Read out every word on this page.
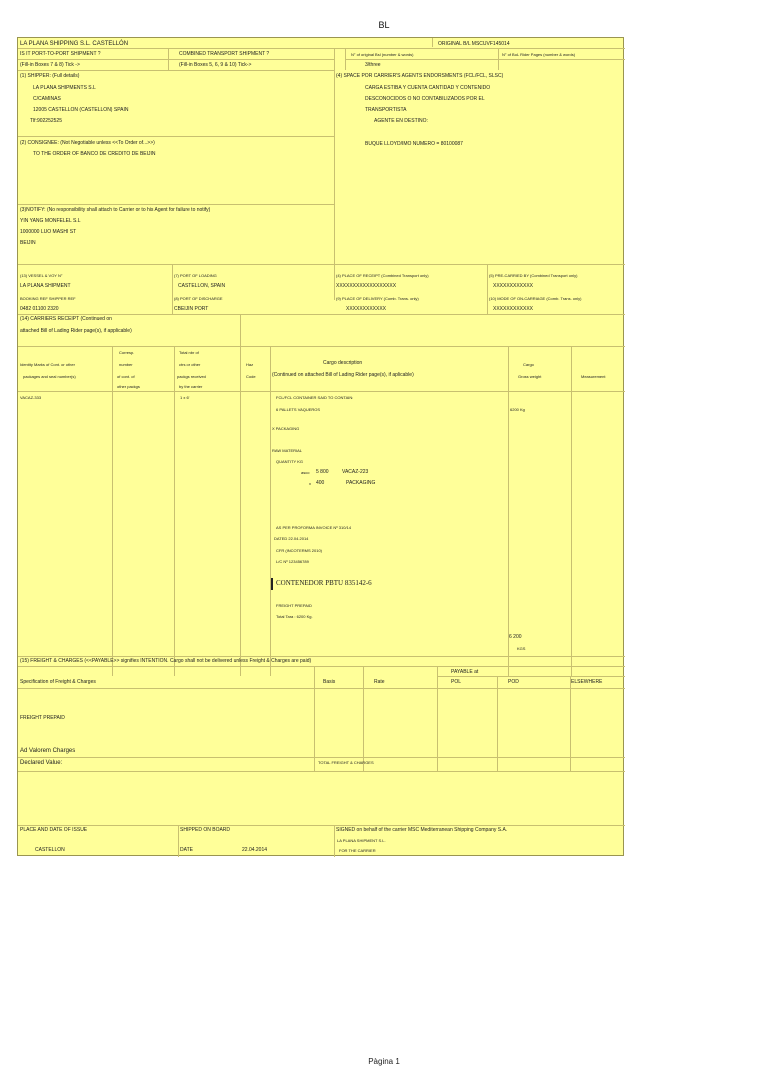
BL
LA PLANA SHIPPING S.L. CASTELLÓN	ORIGINAL B/L MSCUVF145014
IS IT PORT-TO-PORT SHIPMENT ?
(Fill-in Boxes 7 & 8) Tick ->
COMBINED TRANSPORT SHIPMENT ?
(Fill-in Boxes 5, 6, 9 & 10) Tick->
N° of original Bsl (number & words)
3/three
N° of BoL Rider Pages (number & words)
(1) SHIPPER: (Full details)
LA PLANA SHIPMENTS S.L
C/CAMINAS
12005 CASTELLON (CASTELLON) SPAIN
Tlf:902252525
(4) SPACE POR CARRIER'S AGENTS ENDORSMENTS (FCL/FCL, SLSC)
CARGA ESTIBA Y CUENTA CANTIDAD Y CONTENIDO
DESCONOCIDOS O NO CONTABILIZADOS POR EL
TRANSPORTISTA
AGENTE EN DESTINO:
BUQUE LLOYD/IMO NUMERO = 80100087
(2) CONSIGNEE: (Not Negotiable unless <<To Order of...>>)
TO THE ORDER OF BANCO DE CREDITO DE BEIJIN
(3)NOTIFY: (No responsibility shall attach to Carrier or to his Agent for failure to notify)
YIN YANG MONFELEL S.L
1000000 LUO MASHI ST
BEIJIN
(13) VESSEL & VOY N°
LA PLANA SHIPMENT
BOOKING REF SHIPPER REF
0482 01100 2320
(7) PORT OF LOADING
CASTELLON, SPAIN
(8) PORT OF DISCHARGE
CBEIJIN PORT
(4) PLACE OF RECEIPT (Combined Transport only)
XXXXXXXXXXXXXXXXXX
(9) PLACE OF DELIVERY (Comb. Trans. only)
XXXXXXXXXXXX
(5) PRE-CARRIED BY (Combined Transport only)
XXXXXXXXXXXX
(10) MODE OF ON-CARRIAGE (Comb. Trans. only)
XXXXXXXXXXXX
(14) CARRIERS RECEIPT (Continued on
attached Bill of Lading Rider page(s), if applicable)
Identity Marks of Cont. or other
packages and seal number(s)
Corresp.
number
of cont. of
other packgs
Total nbr of
ctrs or other
packgs received
by the carrier
Haz
Code
Cargo description
(Continued on attached Bill of Lading Rider page(s), if aplicable)
Cargo
Gross weight	Measurement
VACAZ-333	1 x 6'	FCL/FCL CONTAINER SAID TO CONTAIN:
6 PALLETS VAQUEROS	6200 Kg
X PACKAGING
RAW MATERIAL
QUANTITY KG
asco 5 800	VACAZ-223
x 400	PACKAGING
AS PER PROFORMA INVOICE Nº 310/14
DATED 22.04.2014
CFR (INCOTERMS 2010)
L/C Nº 123456789
CONTENEDOR PBTU 835142-6
FREIGHT PREPAID
Total Tara : 6200 Kg.
6 200
KGS
(15) FREIGHT & CHARGES (<<PAYABLE>> signifies INTENTION. Cargo shall not be delivered unless Freight & Charges are paid)
Specification of Freight & Charges	Basis	Rate
PAYABLE at
POL	POD	ELSEWHERE
FREIGHT PREPAID
Ad Valorem Charges
Declared Value:	TOTAL FREIGHT & CHARGES
PLACE AND DATE OF ISSUE
CASTELLON
SHIPPED ON BOARD
DATE	22.04.2014
SIGNED on behalf of the carrier MSC Mediterranean Shipping Company S.A.
LA PLANA SHIPMENT S.L.
FOR THE CARRIER
Pàgina 1
